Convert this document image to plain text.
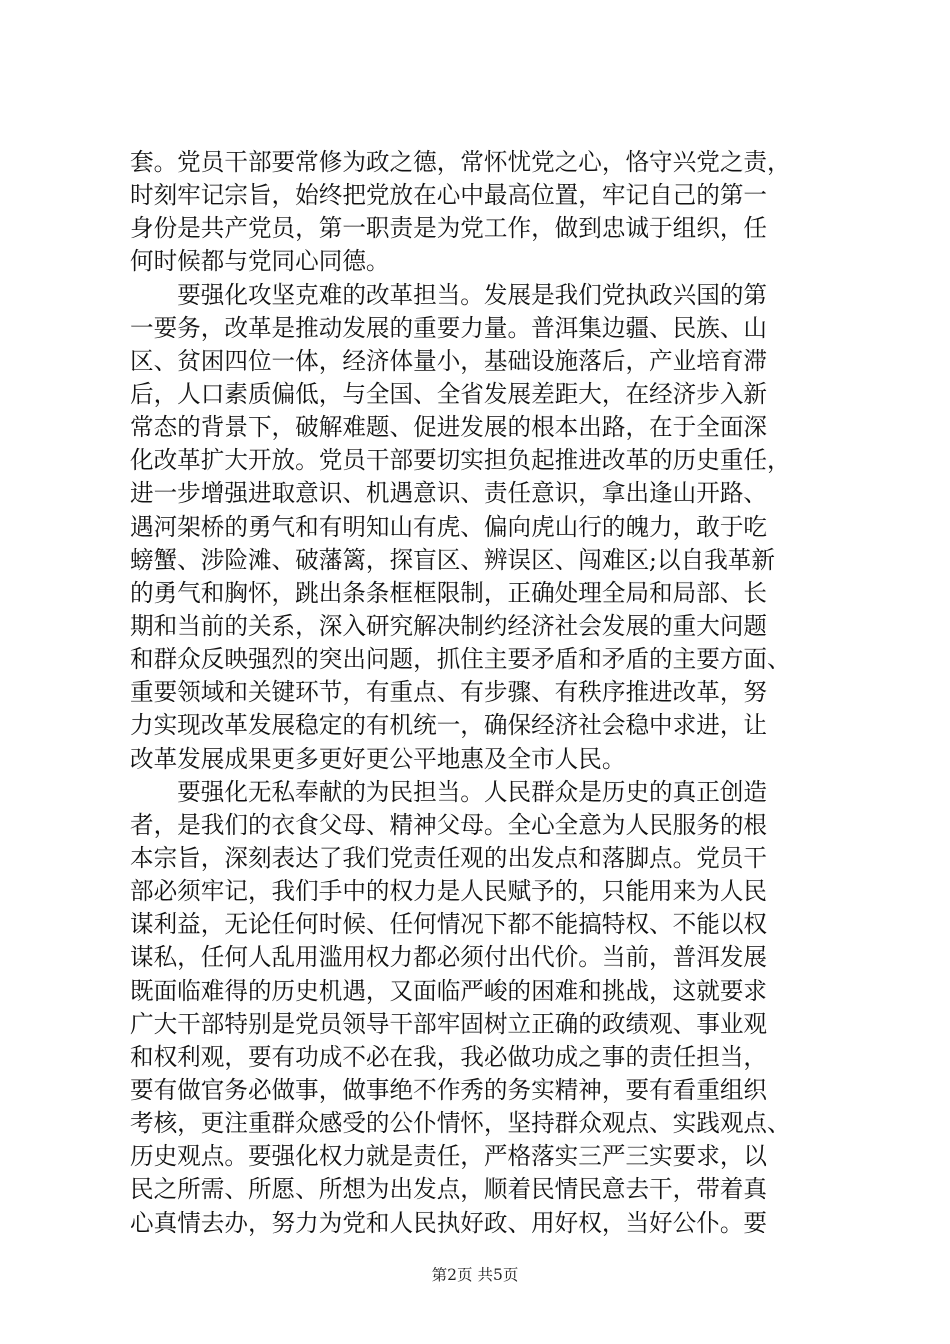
套。党员干部要常修为政之德，常怀忧党之心，恪守兴党之责，
时刻牢记宗旨，始终把党放在心中最高位置，牢记自己的第一
身份是共产党员，第一职责是为党工作，做到忠诚于组织，任
何时候都与党同心同德。
　　要强化攻坚克难的改革担当。发展是我们党执政兴国的第
一要务，改革是推动发展的重要力量。普洱集边疆、民族、山
区、贫困四位一体，经济体量小，基础设施落后，产业培育滞
后，人口素质偏低，与全国、全省发展差距大，在经济步入新
常态的背景下，破解难题、促进发展的根本出路，在于全面深
化改革扩大开放。党员干部要切实担负起推进改革的历史重任，
进一步增强进取意识、机遇意识、责任意识，拿出逢山开路、
遇河架桥的勇气和有明知山有虎、偏向虎山行的魄力，敢于吃
螃蟹、涉险滩、破藩篱，探盲区、辨误区、闯难区;以自我革新
的勇气和胸怀，跳出条条框框限制，正确处理全局和局部、长
期和当前的关系，深入研究解决制约经济社会发展的重大问题
和群众反映强烈的突出问题，抓住主要矛盾和矛盾的主要方面、
重要领域和关键环节，有重点、有步骤、有秩序推进改革，努
力实现改革发展稳定的有机统一，确保经济社会稳中求进，让
改革发展成果更多更好更公平地惠及全市人民。
　　要强化无私奉献的为民担当。人民群众是历史的真正创造
者，是我们的衣食父母、精神父母。全心全意为人民服务的根
本宗旨，深刻表达了我们党责任观的出发点和落脚点。党员干
部必须牢记，我们手中的权力是人民赋予的，只能用来为人民
谋利益，无论任何时候、任何情况下都不能搞特权、不能以权
谋私，任何人乱用滥用权力都必须付出代价。当前，普洱发展
既面临难得的历史机遇，又面临严峻的困难和挑战，这就要求
广大干部特别是党员领导干部牢固树立正确的政绩观、事业观
和权利观，要有功成不必在我，我必做功成之事的责任担当，
要有做官务必做事，做事绝不作秀的务实精神，要有看重组织
考核，更注重群众感受的公仆情怀，坚持群众观点、实践观点、
历史观点。要强化权力就是责任，严格落实三严三实要求，以
民之所需、所愿、所想为出发点，顺着民情民意去干，带着真
心真情去办，努力为党和人民执好政、用好权，当好公仆。要
第2页 共5页
